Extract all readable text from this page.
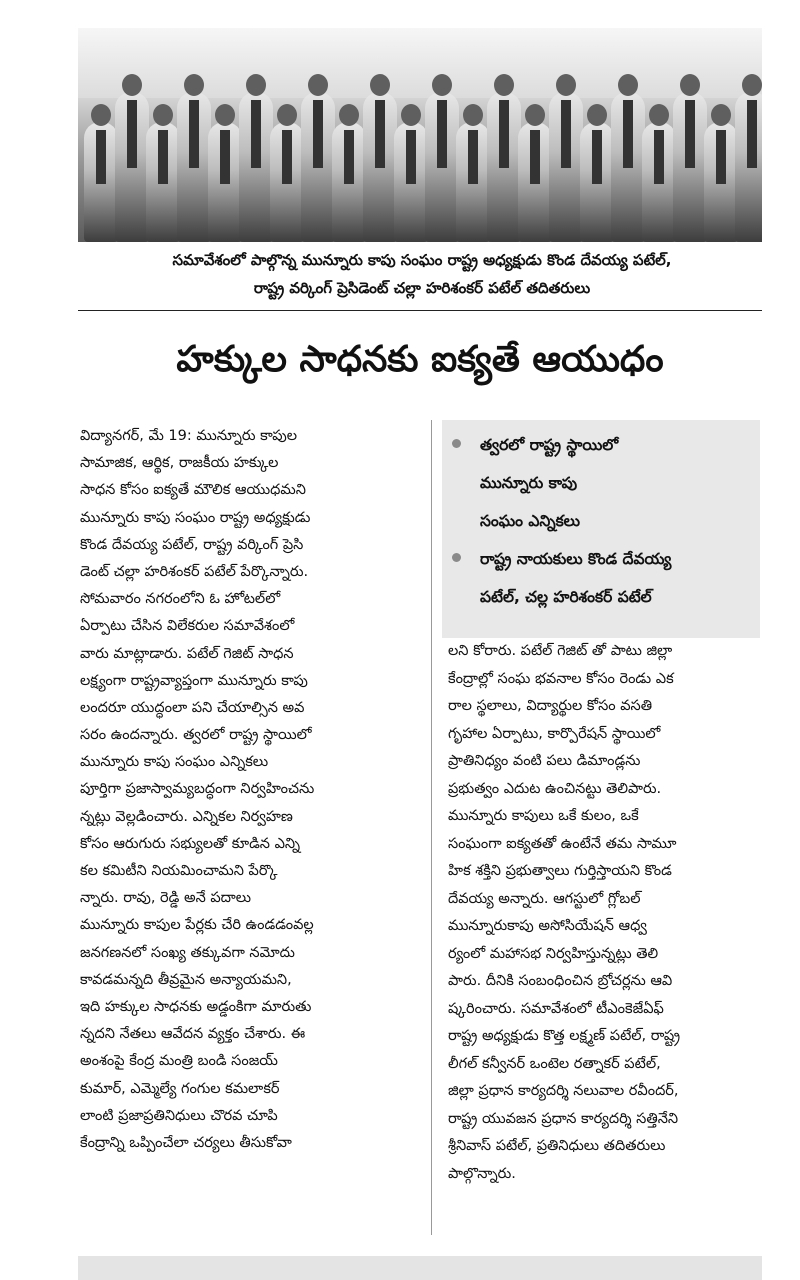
సమావేశంలో పాల్గొన్న మున్నూరు కాపు సంఘం రాష్ట్ర అధ్యక్షుడు కొండ దేవయ్య పటేల్,
రాష్ట్ర వర్కింగ్ ప్రెసిడెంట్ చల్లా హరిశంకర్ పటేల్ తదితరులు
హక్కుల సాధనకు ఐక్యతే ఆయుధం
విద్యానగర్, మే 19: మున్నూరు కాపుల
సామాజిక, ఆర్థిక, రాజకీయ హక్కుల
సాధన కోసం ఐక్యతే మౌలిక ఆయుధమని
మున్నూరు కాపు సంఘం రాష్ట్ర అధ్యక్షుడు
కొండ దేవయ్య పటేల్, రాష్ట్ర వర్కింగ్ ప్రెసి
డెంట్ చల్లా హరిశంకర్ పటేల్ పేర్కొన్నారు.
సోమవారం నగరంలోని ఓ హోటల్‌లో
ఏర్పాటు చేసిన విలేకరుల సమావేశంలో
వారు మాట్లాడారు. పటేల్ గెజిట్ సాధన
లక్ష్యంగా రాష్ట్రవ్యాప్తంగా మున్నూరు కాపు
లందరూ యుద్ధంలా పని చేయాల్సిన అవ
సరం ఉందన్నారు. త్వరలో రాష్ట్ర స్థాయిలో
మున్నూరు కాపు సంఘం ఎన్నికలు
పూర్తిగా ప్రజాస్వామ్యబద్ధంగా నిర్వహించను
న్నట్లు వెల్లడించారు. ఎన్నికల నిర్వహణ
కోసం ఆరుగురు సభ్యులతో కూడిన ఎన్ని
కల కమిటీని నియమించామని పేర్కొ
న్నారు. రావు, రెడ్డి అనే పదాలు
మున్నూరు కాపుల పేర్లకు చేరి ఉండడంవల్ల
జనగణనలో సంఖ్య తక్కువగా నమోదు
కావడమన్నది తీవ్రమైన అన్యాయమని,
ఇది హక్కుల సాధనకు అడ్డంకిగా మారుతు
న్నదని నేతలు ఆవేదన వ్యక్తం చేశారు. ఈ
అంశంపై కేంద్ర మంత్రి బండి సంజయ్
కుమార్, ఎమ్మెల్యే గంగుల కమలాకర్
లాంటి ప్రజాప్రతినిధులు చొరవ చూపి
కేంద్రాన్ని ఒప్పించేలా చర్యలు తీసుకోవా
త్వరలో రాష్ట్ర స్థాయిలో
మున్నూరు కాపు
సంఘం ఎన్నికలు
రాష్ట్ర నాయకులు కొండ దేవయ్య
పటేల్, చల్ల హరిశంకర్ పటేల్
లని కోరారు. పటేల్ గెజిట్ తో పాటు జిల్లా
కేంద్రాల్లో సంఘ భవనాల కోసం రెండు ఎక
రాల స్థలాలు, విద్యార్థుల కోసం వసతి
గృహాల ఏర్పాటు, కార్పొరేషన్ స్థాయిలో
ప్రాతినిధ్యం వంటి పలు డిమాండ్లను
ప్రభుత్వం ఎదుట ఉంచినట్టు తెలిపారు.
మున్నూరు కాపులు ఒకే కులం, ఒకే
సంఘంగా ఐక్యతతో ఉంటేనే తమ సామూ
హిక శక్తిని ప్రభుత్వాలు గుర్తిస్తాయని కొండ
దేవయ్య అన్నారు. ఆగస్టులో గ్లోబల్
మున్నూరుకాపు అసోసియేషన్ ఆధ్వ
ర్యంలో మహాసభ నిర్వహిస్తున్నట్లు తెలి
పారు. దీనికి సంబంధించిన బ్రోచర్లను ఆవి
ష్కరించారు. సమావేశంలో టీఎంకెజేఏఫ్
రాష్ట్ర అధ్యక్షుడు కొత్త లక్ష్మణ్ పటేల్, రాష్ట్ర
లీగల్ కన్వీనర్ ఒంటెల రత్నాకర్ పటేల్,
జిల్లా ప్రధాన కార్యదర్శి నలువాల రవీందర్,
రాష్ట్ర యువజన ప్రధాన కార్యదర్శి సత్తినేని
శ్రీనివాస్ పటేల్, ప్రతినిధులు తదితరులు
పాల్గొన్నారు.
